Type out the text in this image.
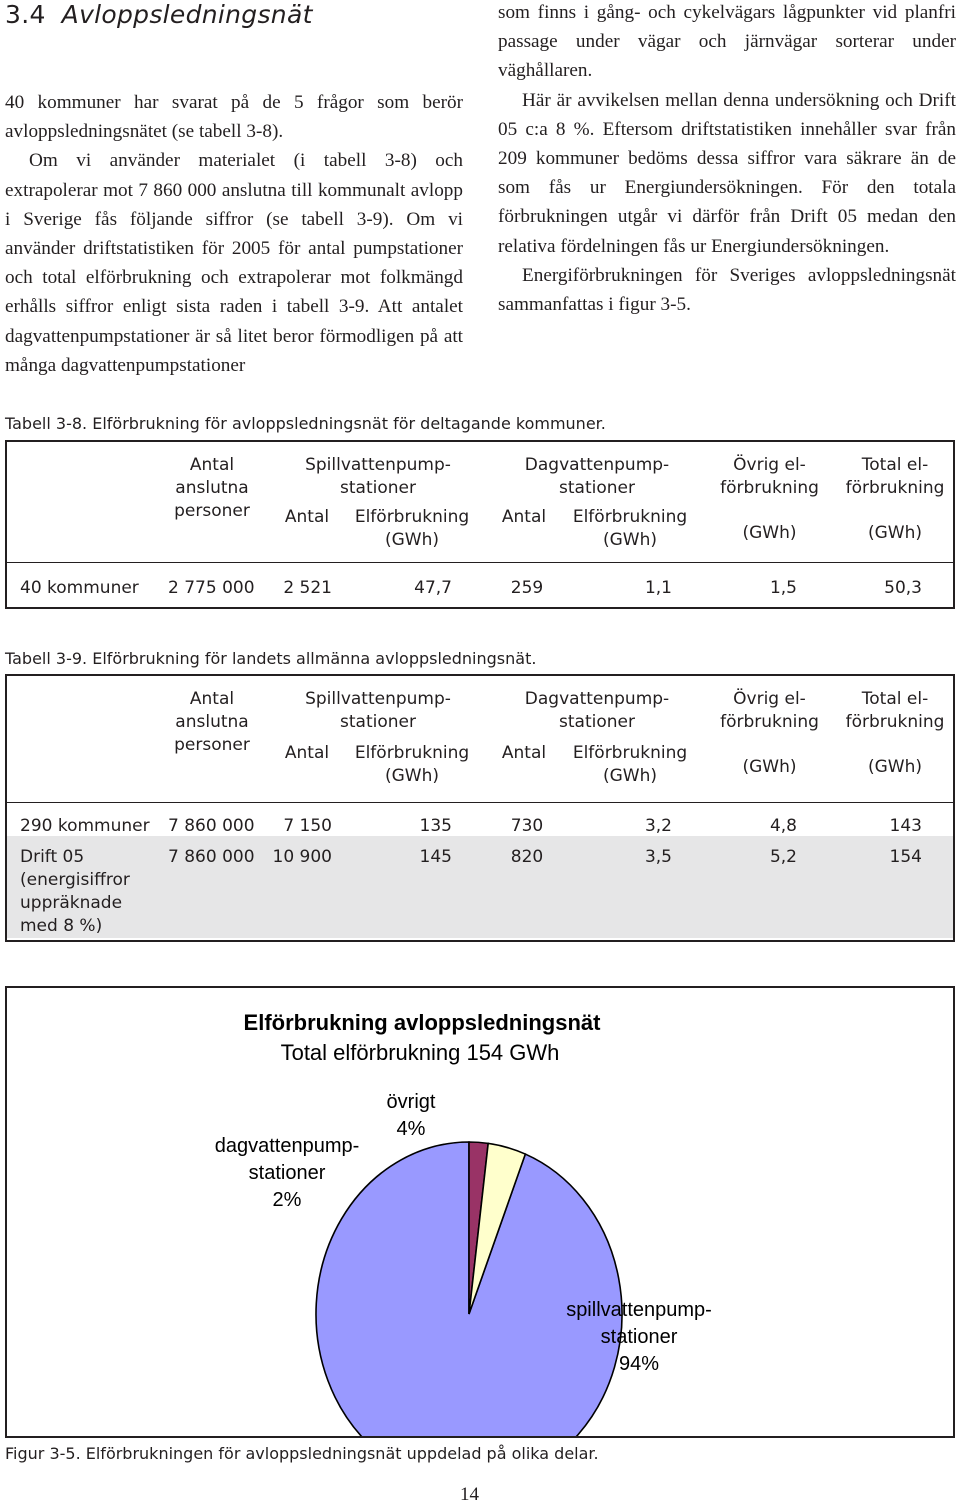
3.4 Avloppsledningsnät

40 kommuner har svarat på de 5 frågor som berör avloppsledningsnätet (se tabell 3-8).

Om vi använder materialet (i tabell 3-8) och extrapolerar mot 7 860 000 anslutna till kommunalt avlopp i Sverige fås följande siffror (se tabell 3-9). Om vi använder driftstatistiken för 2005 för antal pumpstationer och total elförbrukning och extrapolerar mot folkmängd erhålls siffror enligt sista raden i tabell 3-9. Att antalet dagvattenpumpstationer är så litet beror förmodligen på att många dagvattenpumpstationer

som finns i gång- och cykelvägars lågpunkter vid planfri passage under vägar och järnvägar sorterar under väghållaren.

Här är avvikelsen mellan denna undersökning och Drift 05 c:a 8 %. Eftersom driftstatistiken innehåller svar från 209 kommuner bedöms dessa siffror vara säkrare än de som fås ur Energiundersökningen. För den totala förbrukningen utgår vi därför från Drift 05 medan den relativa fördelningen fås ur Energiundersökningen.

Energiförbrukningen för Sveriges avloppsledningsnät sammanfattas i figur 3-5.

Tabell 3-8. Elförbrukning för avloppsledningsnät för deltagande kommuner.
Antal
anslutna
personer
Spillvattenpump-
stationer
Antal	Elförbrukning
(GWh)
Dagvattenpump-
stationer
Antal	Elförbrukning
(GWh)
Övrig el-
förbrukning
(GWh)
Total el-
förbrukning
(GWh)
40 kommuner 2 775 000	2 521	47,7	259	1,1	1,5	50,3
Tabell 3-9. Elförbrukning för landets allmänna avloppsledningsnät.
Antal
anslutna
personer
Spillvattenpump-
stationer
Antal	Elförbrukning
(GWh)
Dagvattenpump-
stationer
Antal	Elförbrukning
(GWh)
Övrig el-
förbrukning
(GWh)
Total el-
förbrukning
(GWh)
290 kommuner 7 860 000	7 150	135	730	3,2	4,8	143
Drift 05
(energisiffror
uppräknade
med 8 %)
7 860 000	10 900	145	820	3,5	5,2	154
Elförbrukning avloppsledningsnät
Total elförbrukning 154 GWh
spillvattenpump-
stationer
94%
dagvattenpump-
stationer
2%
övrigt
4%
Figur 3-5. Elförbrukningen för avloppsledningsnät uppdelad på olika delar.
14
